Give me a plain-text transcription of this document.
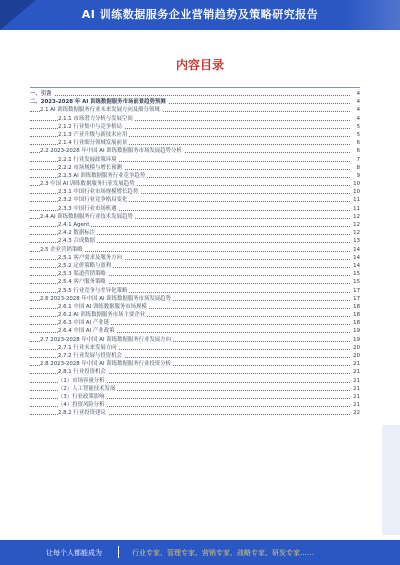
AI 训练数据服务企业营销趋势及策略研究报告
内容目录
一、引言	4
二、2023-2028 年 AI 训练数据服务市场前景趋势预测	4
2.1 AI 训练数据服务行业未来发展方向及细分领域	4
2.1.1 市场潜力分析与发展空间	4
2.1.2 行业集中与竞争格局	5
2.1.3 产业升级与新技术应用	5
2.1.4 行业细分领域发展前景	6
2.2 2023-2028 年中国 AI 训练数据服务市场发展趋势分析	6
2.2.1 行业发展政策环境	7
2.2.2 市场规模与增长预测	8
2.2.3 AI 训练数据服务行业竞争趋势	9
2.3 中国 AI 训练数据服务行业发展趋势	10
2.3.1 中国行业市场规模增长趋势	10
2.3.2 中国行业竞争格局变化	11
2.3.3 中国行业市场机遇	11
2.4 AI 训练数据服务行业技术发展趋势	12
2.4.1 Agent	12
2.4.2 数据标注	12
2.4.3 合成数据	13
2.5 企业营销策略	14
2.5.1 客户需求及服务方向	14
2.5.2 定价策略与盈利	14
2.5.3 渠道营销策略	15
2.5.4 客户服务策略	15
2.5.5 行业竞争与差异化策略	17
2.6 2023-2028 年中国 AI 训练数据服务市场发展趋势	17
2.6.1 中国 AI 训练数据服务市场规模	18
2.6.2 AI 训练数据服务市场主要企业	18
2.6.3 中国 AI 产业链	18
2.6.4 中国 AI 产业政策	19
2.7 2023-2028 年中国 AI 训练数据服务行业发展方向	19
2.7.1 行业未来发展方向	20
2.7.2 行业发展与投资机会	20
2.8 2023-2028 年中国 AI 训练数据服务行业投资分析	21
2.8.1 行业投资机会	21
（1）市场容量分析	21
（2）人工智能技术发展	21
（3）行业政策影响	21
（4）投资风险分析	21
2.8.2 行业投资建议	22
让每个人都能成为	行业专家、管理专家、营销专家、战略专家、研发专家……
